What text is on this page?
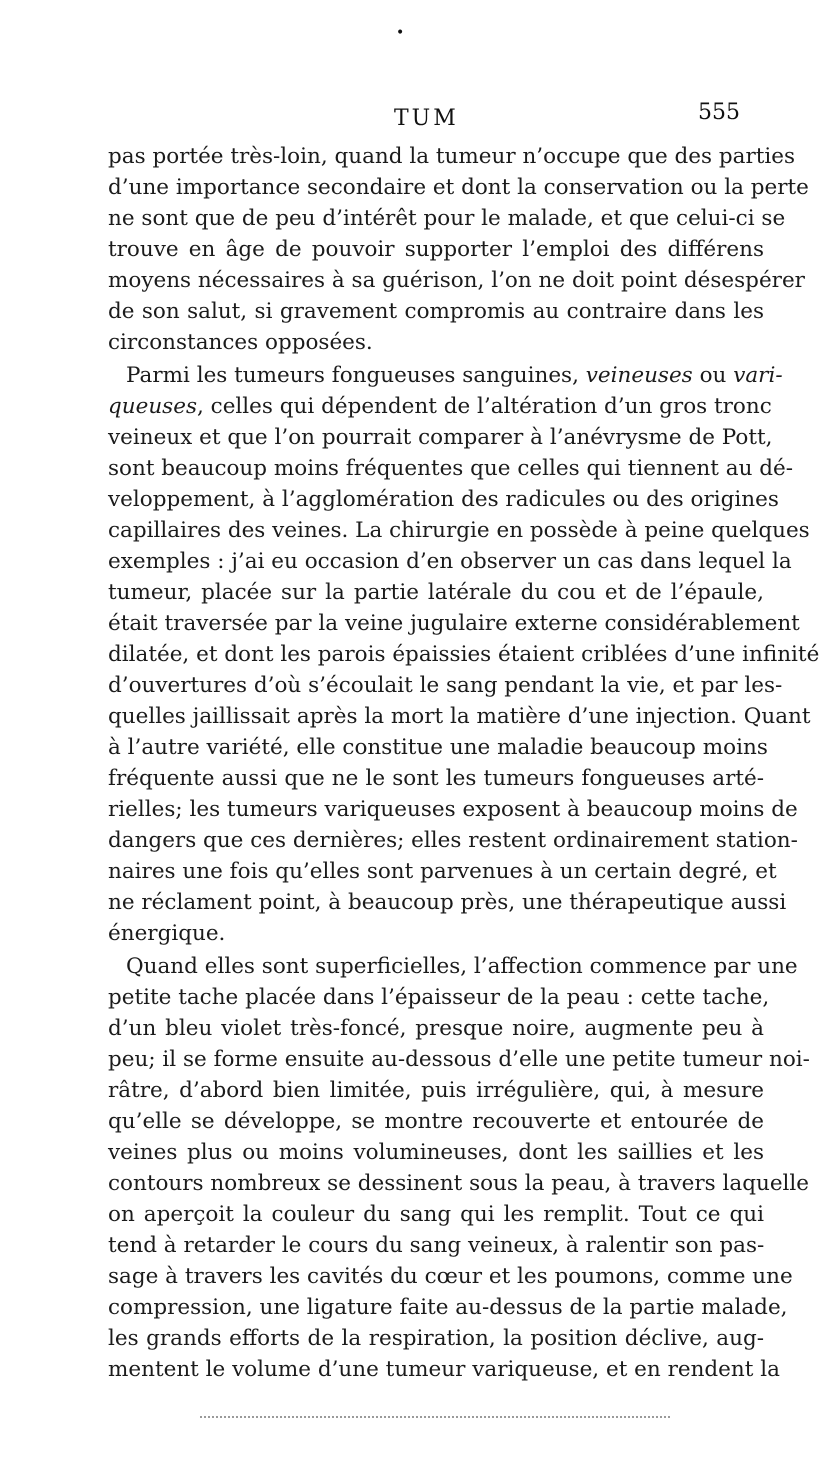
•
TUM	555
pas portée très-loin, quand la tumeur n’occupe que des parties
d’une importance secondaire et dont la conservation ou la perte
ne sont que de peu d’intérêt pour le malade, et que celui-ci se
trouve en âge de pouvoir supporter l’emploi des différens
moyens nécessaires à sa guérison, l’on ne doit point désespérer
de son salut, si gravement compromis au contraire dans les
circonstances opposées.
Parmi les tumeurs fongueuses sanguines, veineuses ou vari-
queuses, celles qui dépendent de l’altération d’un gros tronc
veineux et que l’on pourrait comparer à l’anévrysme de Pott,
sont beaucoup moins fréquentes que celles qui tiennent au dé-
veloppement, à l’agglomération des radicules ou des origines
capillaires des veines. La chirurgie en possède à peine quelques
exemples : j’ai eu occasion d’en observer un cas dans lequel la
tumeur, placée sur la partie latérale du cou et de l’épaule,
était traversée par la veine jugulaire externe considérablement
dilatée, et dont les parois épaissies étaient criblées d’une infinité
d’ouvertures d’où s’écoulait le sang pendant la vie, et par les-
quelles jaillissait après la mort la matière d’une injection. Quant
à l’autre variété, elle constitue une maladie beaucoup moins
fréquente aussi que ne le sont les tumeurs fongueuses arté-
rielles; les tumeurs variqueuses exposent à beaucoup moins de
dangers que ces dernières; elles restent ordinairement station-
naires une fois qu’elles sont parvenues à un certain degré, et
ne réclament point, à beaucoup près, une thérapeutique aussi
énergique.
Quand elles sont superficielles, l’affection commence par une
petite tache placée dans l’épaisseur de la peau : cette tache,
d’un bleu violet très-foncé, presque noire, augmente peu à
peu; il se forme ensuite au-dessous d’elle une petite tumeur noi-
râtre, d’abord bien limitée, puis irrégulière, qui, à mesure
qu’elle se développe, se montre recouverte et entourée de
veines plus ou moins volumineuses, dont les saillies et les
contours nombreux se dessinent sous la peau, à travers laquelle
on aperçoit la couleur du sang qui les remplit. Tout ce qui
tend à retarder le cours du sang veineux, à ralentir son pas-
sage à travers les cavités du cœur et les poumons, comme une
compression, une ligature faite au-dessus de la partie malade,
les grands efforts de la respiration, la position déclive, aug-
mentent le volume d’une tumeur variqueuse, et en rendent la
